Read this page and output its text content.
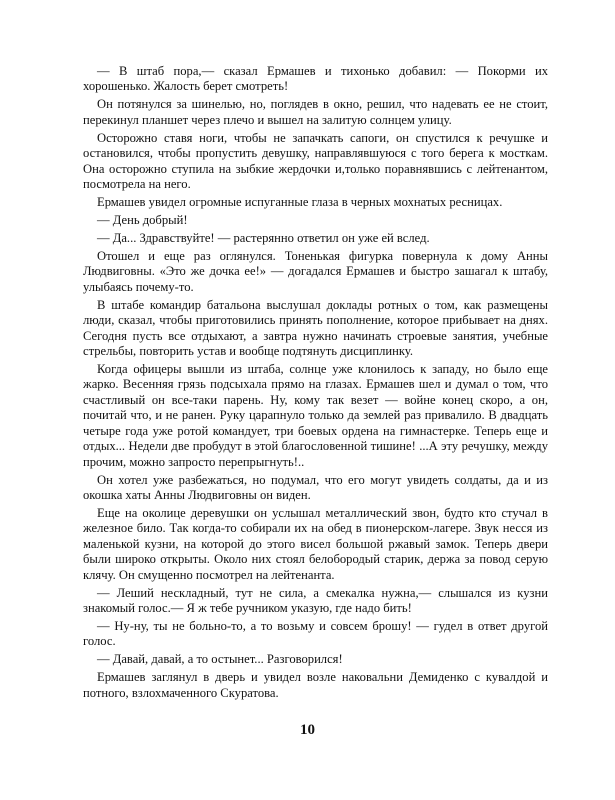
— В штаб пора,— сказал Ермашев и тихонько добавил: — Покорми их хорошенько. Жалость берет смотреть!

Он потянулся за шинелью, но, поглядев в окно, решил, что надевать ее не стоит, перекинул планшет через плечо и вышел на залитую солнцем улицу.

Осторожно ставя ноги, чтобы не запачкать сапоги, он спустился к речушке и остановился, чтобы пропустить девушку, направлявшуюся с того берега к мосткам. Она осторожно ступила на зыбкие жердочки и,только поравнявшись с лейтенантом, посмотрела на него.

Ермашев увидел огромные испуганные глаза в черных мохнатых ресницах.

— День добрый!

— Да... Здравствуйте! — растерянно ответил он уже ей вслед.

Отошел и еще раз оглянулся. Тоненькая фигурка повернула к дому Анны Людвиговны. «Это же дочка ее!» — догадался Ермашев и быстро зашагал к штабу, улыбаясь почему-то.

В штабе командир батальона выслушал доклады ротных о том, как размещены люди, сказал, чтобы приготовились принять пополнение, которое прибывает на днях. Сегодня пусть все отдыхают, а завтра нужно начинать строевые занятия, учебные стрельбы, повторить устав и вообще подтянуть дисциплинку.

Когда офицеры вышли из штаба, солнце уже клонилось к западу, но было еще жарко. Весенняя грязь подсыхала прямо на глазах. Ермашев шел и думал о том, что счастливый он все-таки парень. Ну, кому так везет — войне конец скоро, а он, почитай что, и не ранен. Руку царапнуло только да землей раз привалило. В двадцать четыре года уже ротой командует, три боевых ордена на гимнастерке. Теперь еще и отдых... Недели две пробудут в этой благословенной тишине! ...А эту речушку, между прочим, можно запросто перепрыгнуть!..

Он хотел уже разбежаться, но подумал, что его могут увидеть солдаты, да и из окошка хаты Анны Людвиговны он виден.

Еще на околице деревушки он услышал металлический звон, будто кто стучал в железное било. Так когда-то собирали их на обед в пионерском-лагере. Звук несся из маленькой кузни, на которой до этого висел большой ржавый замок. Теперь двери были широко открыты. Около них стоял белобородый старик, держа за повод серую клячу. Он смущенно посмотрел на лейтенанта.

— Леший нескладный, тут не сила, а смекалка нужна,— слышался из кузни знакомый голос.— Я ж тебе ручником указую, где надо бить!

— Ну-ну, ты не больно-то, а то возьму и совсем брошу! — гудел в ответ другой голос.

— Давай, давай, а то остынет... Разговорился!

Ермашев заглянул в дверь и увидел возле наковальни Демиденко с кувалдой и потного, взлохмаченного Скуратова.

10
